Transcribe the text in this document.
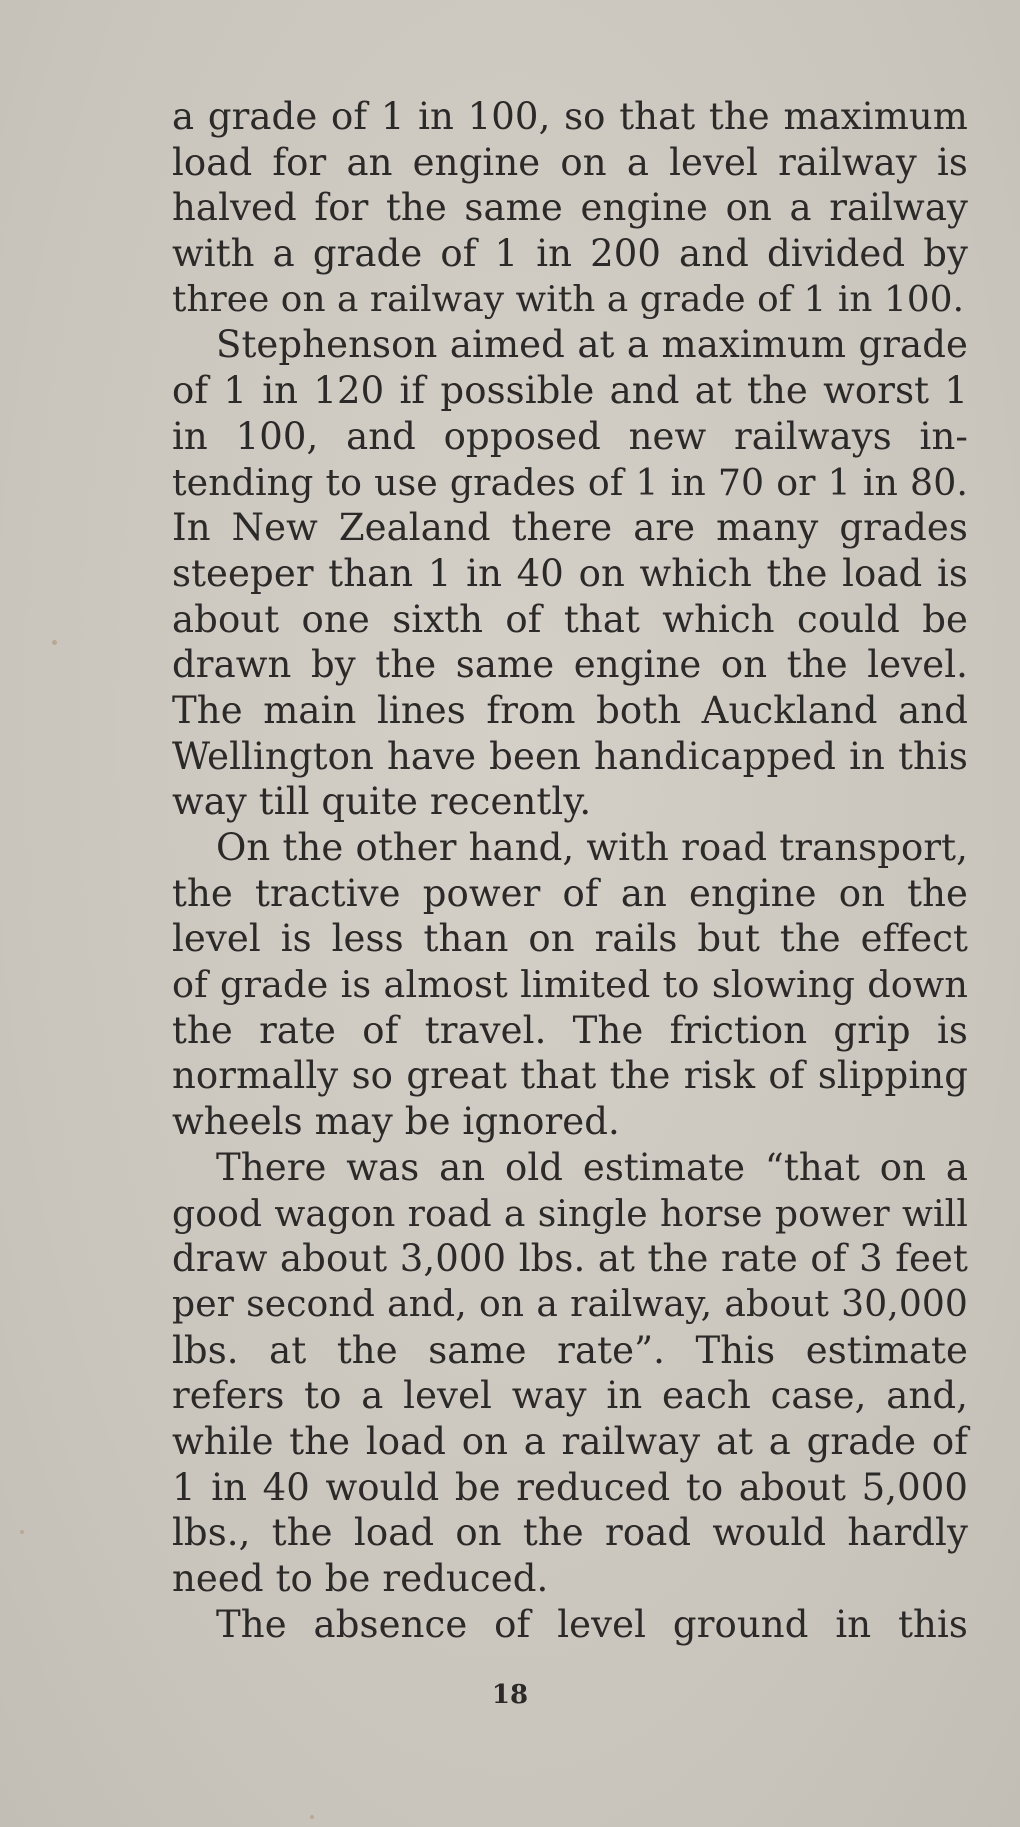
a grade of 1 in 100, so that the maximum
load for an engine on a level railway is
halved for the same engine on a railway
with a grade of 1 in 200 and divided by
three on a railway with a grade of 1 in 100.
Stephenson aimed at a maximum grade
of 1 in 120 if possible and at the worst 1
in 100, and opposed new railways in-
tending to use grades of 1 in 70 or 1 in 80.
In New Zealand there are many grades
steeper than 1 in 40 on which the load is
about one sixth of that which could be
drawn by the same engine on the level.
The main lines from both Auckland and
Wellington have been handicapped in this
way till quite recently.
On the other hand, with road transport,
the tractive power of an engine on the
level is less than on rails but the effect
of grade is almost limited to slowing down
the rate of travel. The friction grip is
normally so great that the risk of slipping
wheels may be ignored.
There was an old estimate “that on a
good wagon road a single horse power will
draw about 3,000 lbs. at the rate of 3 feet
per second and, on a railway, about 30,000
lbs. at the same rate”. This estimate
refers to a level way in each case, and,
while the load on a railway at a grade of
1 in 40 would be reduced to about 5,000
lbs., the load on the road would hardly
need to be reduced.
The absence of level ground in this
18
